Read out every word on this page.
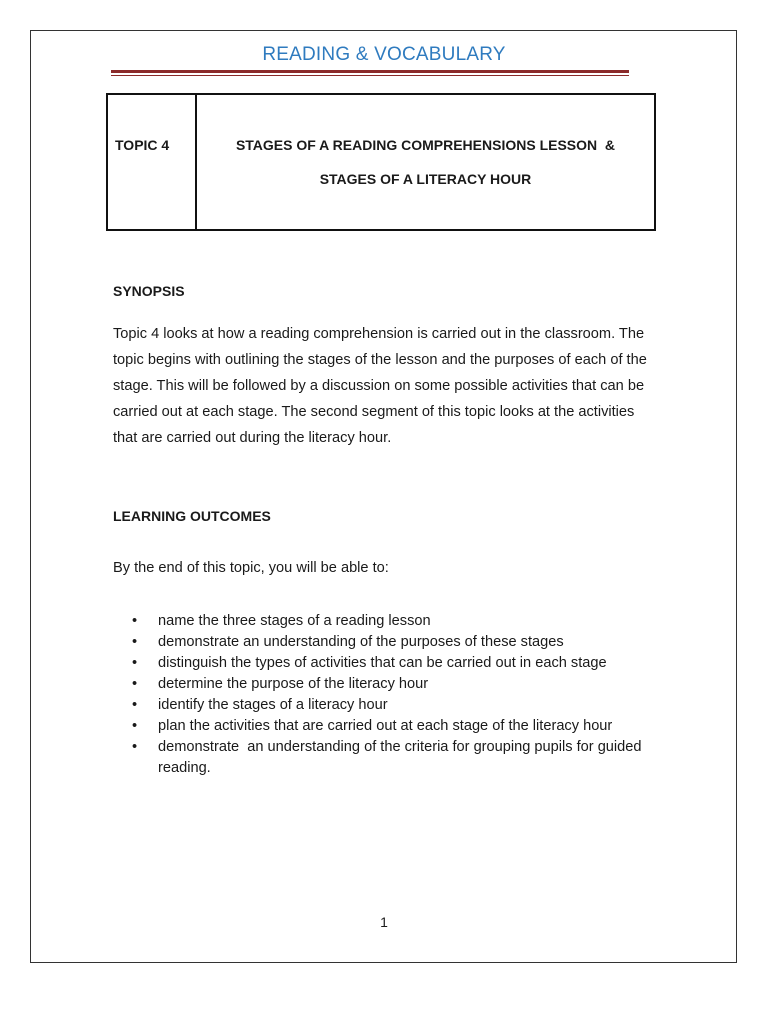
READING & VOCABULARY
TOPIC 4	STAGES OF A READING COMPREHENSIONS LESSON  &
STAGES OF A LITERACY HOUR
SYNOPSIS

Topic 4 looks at how a reading comprehension is carried out in the classroom. The topic begins with outlining the stages of the lesson and the purposes of each of the stage. This will be followed by a discussion on some possible activities that can be carried out at each stage. The second segment of this topic looks at the activities that are carried out during the literacy hour.

LEARNING OUTCOMES
By the end of this topic, you will be able to:
• name the three stages of a reading lesson
• demonstrate an understanding of the purposes of these stages
• distinguish the types of activities that can be carried out in each stage
• determine the purpose of the literacy hour
• identify the stages of a literacy hour
• plan the activities that are carried out at each stage of the literacy hour
• demonstrate  an understanding of the criteria for grouping pupils for guided reading.
1
